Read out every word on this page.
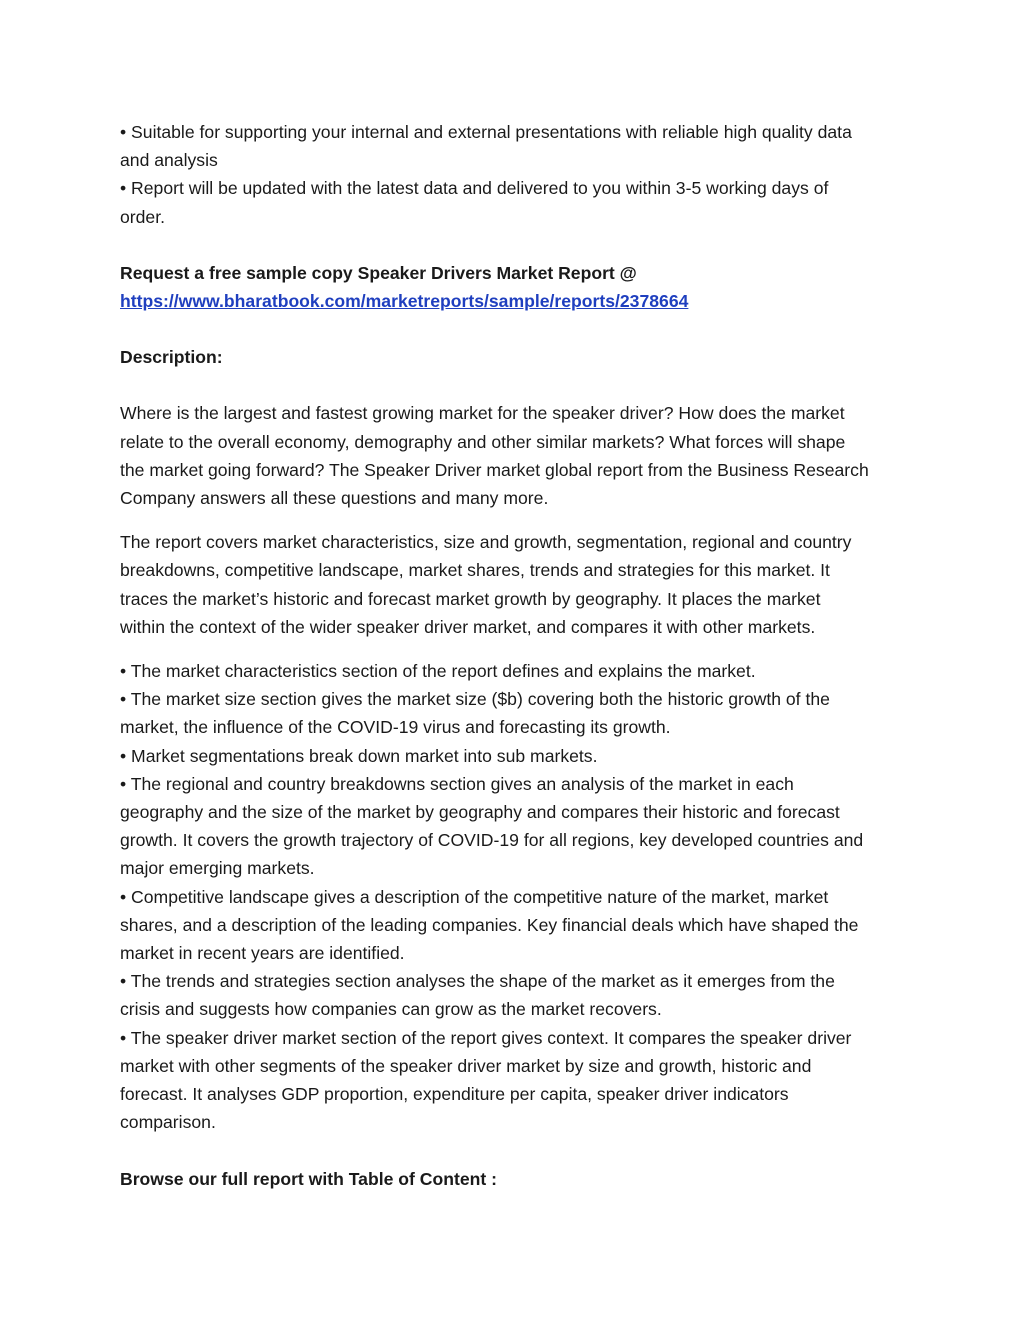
• Suitable for supporting your internal and external presentations with reliable high quality data
and analysis
• Report will be updated with the latest data and delivered to you within 3-5 working days of
order.
Request a free sample copy Speaker Drivers Market Report @
https://www.bharatbook.com/marketreports/sample/reports/2378664
Description:

Where is the largest and fastest growing market for the speaker driver? How does the market
relate to the overall economy, demography and other similar markets? What forces will shape
the market going forward? The Speaker Driver market global report from the Business Research
Company answers all these questions and many more.

The report covers market characteristics, size and growth, segmentation, regional and country
breakdowns, competitive landscape, market shares, trends and strategies for this market. It
traces the market’s historic and forecast market growth by geography. It places the market
within the context of the wider speaker driver market, and compares it with other markets.

• The market characteristics section of the report defines and explains the market.
• The market size section gives the market size ($b) covering both the historic growth of the
market, the influence of the COVID-19 virus and forecasting its growth.
• Market segmentations break down market into sub markets.
• The regional and country breakdowns section gives an analysis of the market in each
geography and the size of the market by geography and compares their historic and forecast
growth. It covers the growth trajectory of COVID-19 for all regions, key developed countries and
major emerging markets.
• Competitive landscape gives a description of the competitive nature of the market, market
shares, and a description of the leading companies. Key financial deals which have shaped the
market in recent years are identified.
• The trends and strategies section analyses the shape of the market as it emerges from the
crisis and suggests how companies can grow as the market recovers.
• The speaker driver market section of the report gives context. It compares the speaker driver
market with other segments of the speaker driver market by size and growth, historic and
forecast. It analyses GDP proportion, expenditure per capita, speaker driver indicators
comparison.
Browse our full report with Table of Content :
